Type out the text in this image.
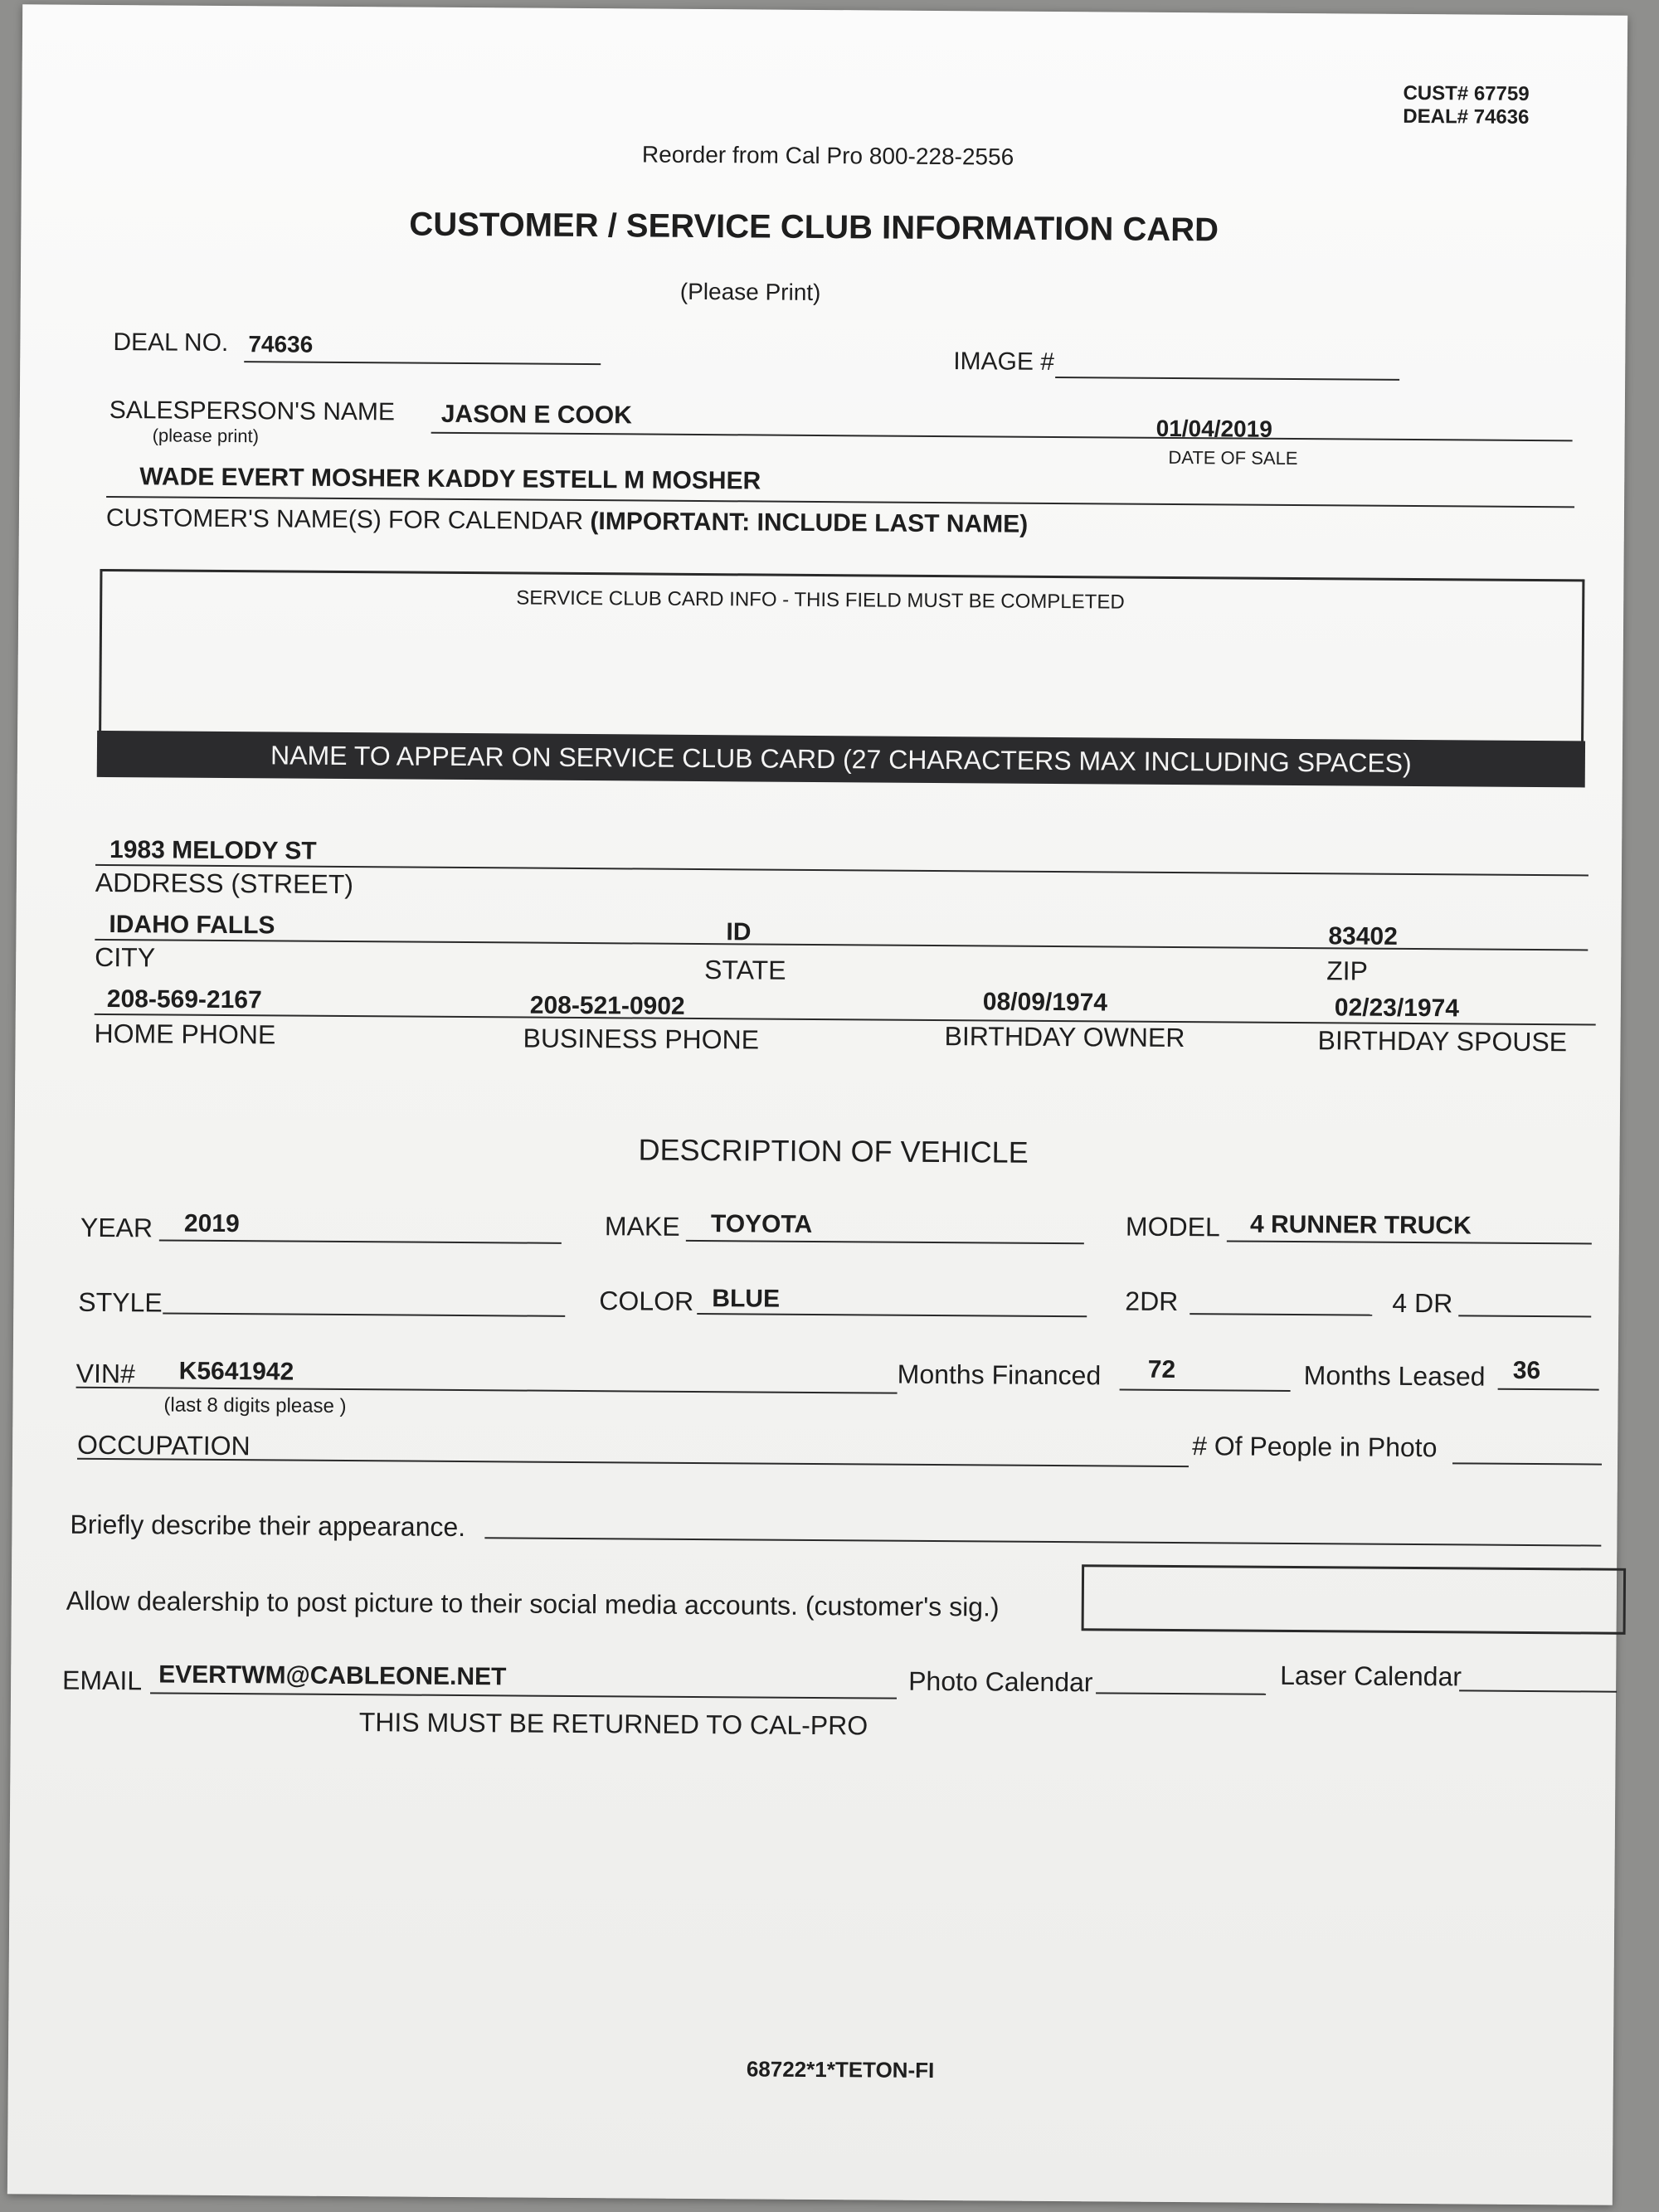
CUST# 67759
DEAL# 74636
Reorder from Cal Pro 800-228-2556
CUSTOMER / SERVICE CLUB INFORMATION CARD
(Please Print)
DEAL NO. 74636
IMAGE #
SALESPERSON'S NAME
(please print)
JASON E COOK	01/04/2019
DATE OF SALE
WADE EVERT MOSHER KADDY ESTELL M MOSHER
CUSTOMER'S NAME(S) FOR CALENDAR (IMPORTANT: INCLUDE LAST NAME)
SERVICE CLUB CARD INFO - THIS FIELD MUST BE COMPLETED
NAME TO APPEAR ON SERVICE CLUB CARD (27 CHARACTERS MAX INCLUDING SPACES)
1983 MELODY ST
ADDRESS (STREET)
IDAHO FALLS	ID	83402
CITY	STATE	ZIP
208-569-2167	208-521-0902	08/09/1974	02/23/1974
HOME PHONE	BUSINESS PHONE	BIRTHDAY OWNER	BIRTHDAY SPOUSE
DESCRIPTION OF VEHICLE
YEAR 2019	MAKE TOYOTA	MODEL 4 RUNNER TRUCK
STYLE	COLOR BLUE	2DR	4 DR
VIN# K5641942
(last 8 digits please )
Months Financed 72	Months Leased 36
OCCUPATION	# Of People in Photo
Briefly describe their appearance.
Allow dealership to post picture to their social media accounts. (customer's sig.)
EMAIL EVERTWM@CABLEONE.NET	Photo Calendar	Laser Calendar
THIS MUST BE RETURNED TO CAL-PRO
68722*1*TETON-FI
